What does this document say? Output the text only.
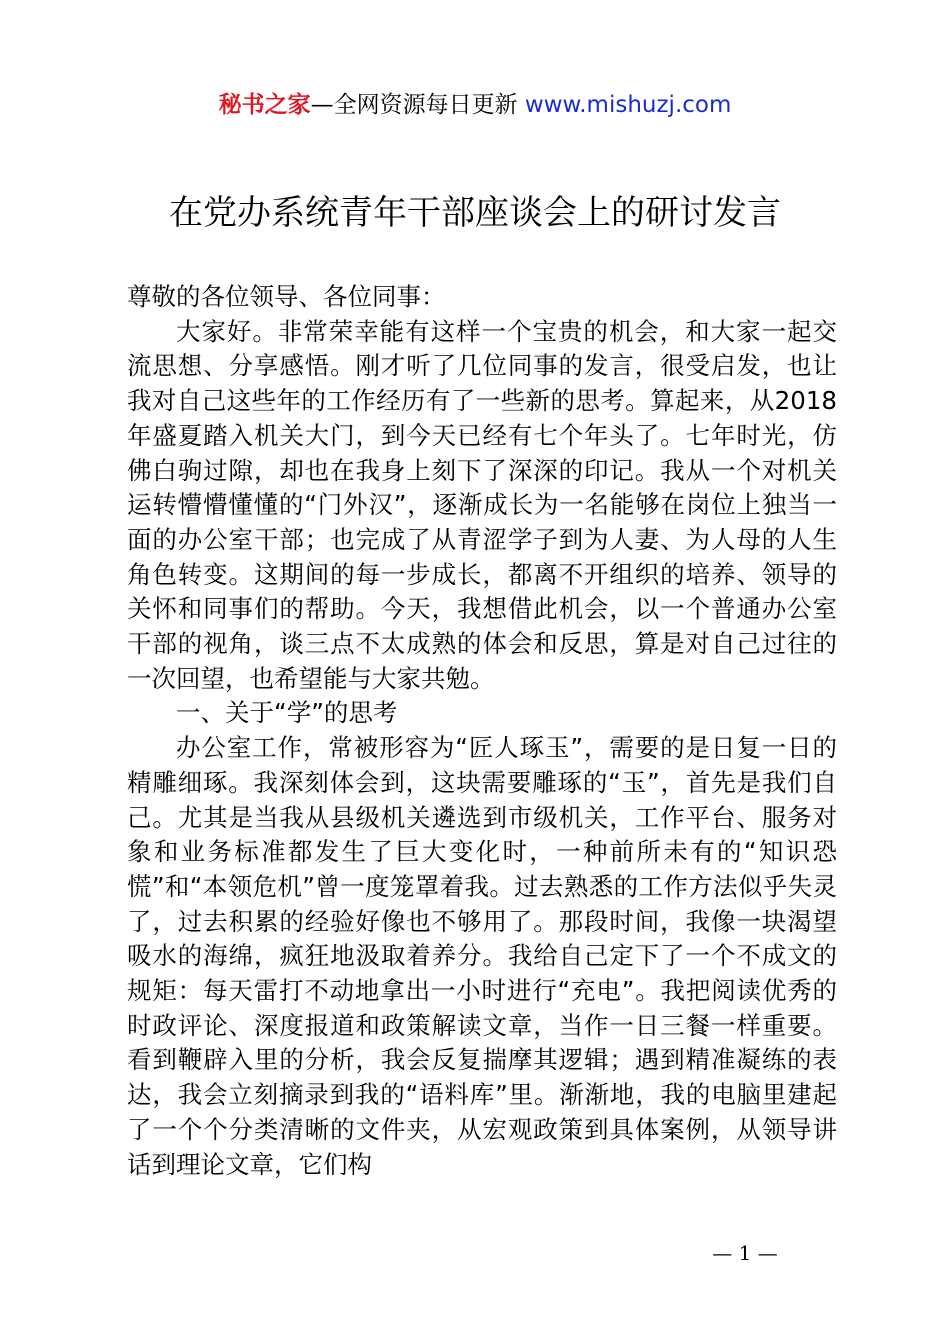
秘书之家—全网资源每日更新 www.mishuzj.com
在党办系统青年干部座谈会上的研讨发言

尊敬的各位领导、各位同事：

大家好。非常荣幸能有这样一个宝贵的机会，和大家一起交流思想、分享感悟。刚才听了几位同事的发言，很受启发，也让我对自己这些年的工作经历有了一些新的思考。算起来，从2018年盛夏踏入机关大门，到今天已经有七个年头了。七年时光，仿佛白驹过隙，却也在我身上刻下了深深的印记。我从一个对机关运转懵懵懂懂的“门外汉”，逐渐成长为一名能够在岗位上独当一面的办公室干部；也完成了从青涩学子到为人妻、为人母的人生角色转变。这期间的每一步成长，都离不开组织的培养、领导的关怀和同事们的帮助。今天，我想借此机会，以一个普通办公室干部的视角，谈三点不太成熟的体会和反思，算是对自己过往的一次回望，也希望能与大家共勉。

一、关于“学”的思考

办公室工作，常被形容为“匠人琢玉”，需要的是日复一日的精雕细琢。我深刻体会到，这块需要雕琢的“玉”，首先是我们自己。尤其是当我从县级机关遴选到市级机关，工作平台、服务对象和业务标准都发生了巨大变化时，一种前所未有的“知识恐慌”和“本领危机”曾一度笼罩着我。过去熟悉的工作方法似乎失灵了，过去积累的经验好像也不够用了。那段时间，我像一块渴望吸水的海绵，疯狂地汲取着养分。我给自己定下了一个不成文的规矩：每天雷打不动地拿出一小时进行“充电”。我把阅读优秀的时政评论、深度报道和政策解读文章，当作一日三餐一样重要。看到鞭辟入里的分析，我会反复揣摩其逻辑；遇到精准凝练的表达，我会立刻摘录到我的“语料库”里。渐渐地，我的电脑里建起了一个个分类清晰的文件夹，从宏观政策到具体案例，从领导讲话到理论文章，它们构

— 1 —
